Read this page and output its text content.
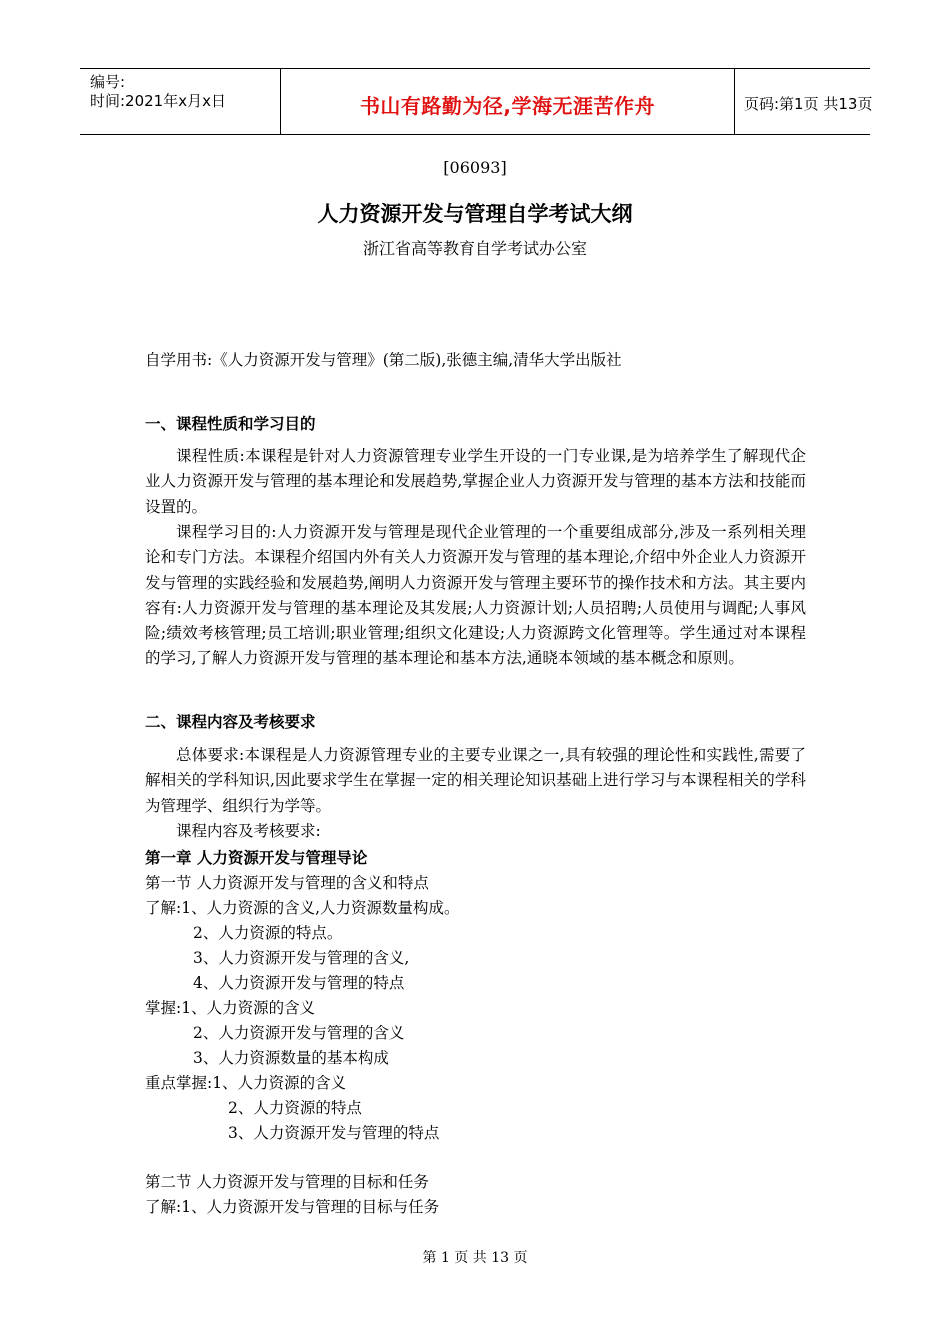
编号:
时间:2021年x月x日	书山有路勤为径,学海无涯苦作舟	页码:第1页 共13页
[06093]
人力资源开发与管理自学考试大纲
浙江省高等教育自学考试办公室
自学用书:《人力资源开发与管理》(第二版),张德主编,清华大学出版社
一、课程性质和学习目的
课程性质:本课程是针对人力资源管理专业学生开设的一门专业课,是为培养学生了解现代企业人力资源开发与管理的基本理论和发展趋势,掌握企业人力资源开发与管理的基本方法和技能而设置的。
课程学习目的:人力资源开发与管理是现代企业管理的一个重要组成部分,涉及一系列相关理论和专门方法。本课程介绍国内外有关人力资源开发与管理的基本理论,介绍中外企业人力资源开发与管理的实践经验和发展趋势,阐明人力资源开发与管理主要环节的操作技术和方法。其主要内容有:人力资源开发与管理的基本理论及其发展;人力资源计划;人员招聘;人员使用与调配;人事风险;绩效考核管理;员工培训;职业管理;组织文化建设;人力资源跨文化管理等。学生通过对本课程的学习,了解人力资源开发与管理的基本理论和基本方法,通晓本领域的基本概念和原则。
二、课程内容及考核要求
总体要求:本课程是人力资源管理专业的主要专业课之一,具有较强的理论性和实践性,需要了解相关的学科知识,因此要求学生在掌握一定的相关理论知识基础上进行学习与本课程相关的学科为管理学、组织行为学等。
课程内容及考核要求:
第一章 人力资源开发与管理导论
第一节 人力资源开发与管理的含义和特点
了解:1、人力资源的含义,人力资源数量构成。
2、人力资源的特点。
3、人力资源开发与管理的含义,
4、人力资源开发与管理的特点
掌握:1、人力资源的含义
2、人力资源开发与管理的含义
3、人力资源数量的基本构成
重点掌握:1、人力资源的含义
2、人力资源的特点
3、人力资源开发与管理的特点
第二节 人力资源开发与管理的目标和任务
了解:1、人力资源开发与管理的目标与任务
第 1 页 共 13 页
